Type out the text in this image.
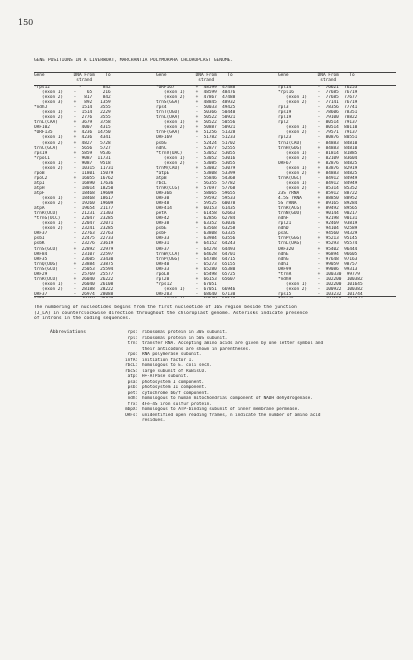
150
GENE POSITIONS IN A LIVERWORT, MARCHANTIA POLYMORPHA CHLOROPLAST GENOME.
Gene           DNA From    To
strand
*rps12           -        842
(exon 1)    -    65    216
(exon 2)    -   817    842
(exon 3)    +   892   1359
*ndhJ          -  1514   3555
(exon 1)    -  1514   2229
(exon 2)    -  2776   3555
trnL(CAA)      +  3679   3758
ORF102         -  4007   4315
*ORF135        +  4236  14750
(exon 1)    +  4236   4341
(exon 2)    +  4827   5728
trnC(GCA)      -  5656   5727
rps19          +  5859   9536
*rpoC1         -  9087  11731
(exon 1)    -  9087   9518
(exon 2)    -  10315  11731
rpoB           -  11801  15079
rpoC2          +  16055  16762
atpI           -  16890  17636
atpH           -  18014  18250
atpF           -  18468  19609
(exon 1)    -  18468  18617
(exon 2)    -  19260  19609
atpA           -  19654  21177
trnR(UCU)      -  21231  21303
*trnG(UCC)     -  22047  23285
(exon 1)    -  22047  22071
(exon 2)    -  23241  23285
ORF37          -  22763  22763
psbI           -  22475  22733
psbK           -  23276  23619
trnS(GCU)      +  22892  22979
ORF84          -  23107  22597
ORF35          -  23605  23430
trnQ(UUG)      +  23884  23875
trnS(GCU)      -  25053  25594
ORF29          -  25769  25577
trnR(UCU)      +  26040  26222
(exon 1)    -  26040  26108
(exon 2)    -  28188  28222
ORF37          -  26974  28088
Gene           DNA From    To
strand
*ORF167        +  48599  47488
(exon 1)    +  48599  48476
(exon 2)    +  47867  47488
trnS(GGA)      +  48845  48932
rps4           -  50033  49425
trnT(UGU)      -  50366  50440
trnL(UAA)      +  50522  50921
(exon 1)    +  50522  50556
(exon 2)    +  50887  50921
trnF(GAA)      +  51256  51328
ORF169         -  51782  51233
psbG           -  52424  51702
ndhC           -  52877  52555
*trnV(UAC)     -  53052  53055
(exon 1)    -  53052  53016
(exon 2)    -  53085  53055
trnM(CAU)      +  53082  53079
*atpE          -  53808  53399
atpB           -  55846  54368
rbcL           -  56355  57782
trnR(CCG)      +  57697  57768
ORF36b         -  58065  59655
ORF30          -  59592  59533
ORF48          -  59525  60078
ORF414         +  60153  61435
petA           -  61458  62663
ORF42          -  62856  62784
ORF38          +  63352  63036
psbE           -  63568  63258
psbF           -  63808  63335
ORF33          -  63984  63556
ORF31          +  64152  64243
ORF37          -  64278  64493
trnW(CCA)      +  64628  64701
trnP(UGG)      -  64788  64715
ORF40          -  65273  65155
ORF33          +  65280  65380
rpoL8          -  65498  65725
rpl20          +  66153  65607
*rps12         -  67051
(exon 1)    -  67051  66946
ORF203         -  68640  67130
Gene           DNA From    To
strand
rpl14          -  76621  76253
*rpl16         -  77685  76719
(exon 1)    -  77685  77677
(exon 2)    -  77141  76719
rpl3           -  78356  77741
rps19          -  78606  78351
rpl19          -  79100  78822
rpl2           -  80514  79137
(exon 1)    -  80514  80110
(exon 2)    -  79571  79137
rpl23          -  80876  80551
trnI(CAU)      -  84883  84810
trnH(GUG)      +  84883  84810
(exon 1)    -  81814  81885
(exon 2)    -  82109  83604
ORF67          +  82876  84825
(exon 1)    +  83876  82919
(exon 2)    +  84883  84825
trnA(UGC)      -  84912  84949
(exon 1)    -  84912  84949
(exon 2)    -  85314  85352
23S rRNA       +  85912  88722
4.5S rRNA      +  88850  88952
5S rRNA        +  89165  89284
trnR(ACG)      +  89492  89565
trnN(GUU)      -  90144  90217
ndhF           -  92198  90131
rpl21          -  92469  93819
ndhD           -  94104  92589
psaC           -  94560  94329
trnP(GGG)      +  95213  95145
trnL(UAG)      -  95293  95574
ORF320         +  95402  96444
ndhE           -  96894  96605
ndhG           -  97648  97163
ndhI           -  99059  98757
ORF99          -  99086  99313
*trnR          +  100330  99779
*ndhH          -  102200  100382
(exon 1)    -  102200  101645
(exon 2)    -  100922  100382
rps15          -  103232  101744
The numbering of nucleotides begins from the first nucleotide of 16S region beside the junction
(J_LA) in counterclockwise direction throughout the chloroplast genome. Asterisks indicate presence
of introns in the coding sequences.
Abbreviations	rps: ribosomal protein in 30S subunit.
rpl: ribosomal protein in 50S subunit.
trn: transfer RNA. Accepting amino acids are given by one letter symbol and
their anticodons are shown in parentheses.
rpo: RNA polymerase subunit.
infA: initiation factor 1.
rbcL: homologous to E. coli secX.
rbcS: large subunit of RuBisCO.
atp: H+-ATPase subunit.
psa: photosystem I component.
psb: photosystem II component.
pet: cytochrome b6/f component.
ndh: homologous to human mitochondrial component of NADH dehydrogenase.
frx: 4Fe-4S iron sulfur protein.
mbpX: homologous to ATP-binding subunit of inner membrane permease.
ORFs: unidentified open reading frames, n indicate the number of amino acid
residues.
